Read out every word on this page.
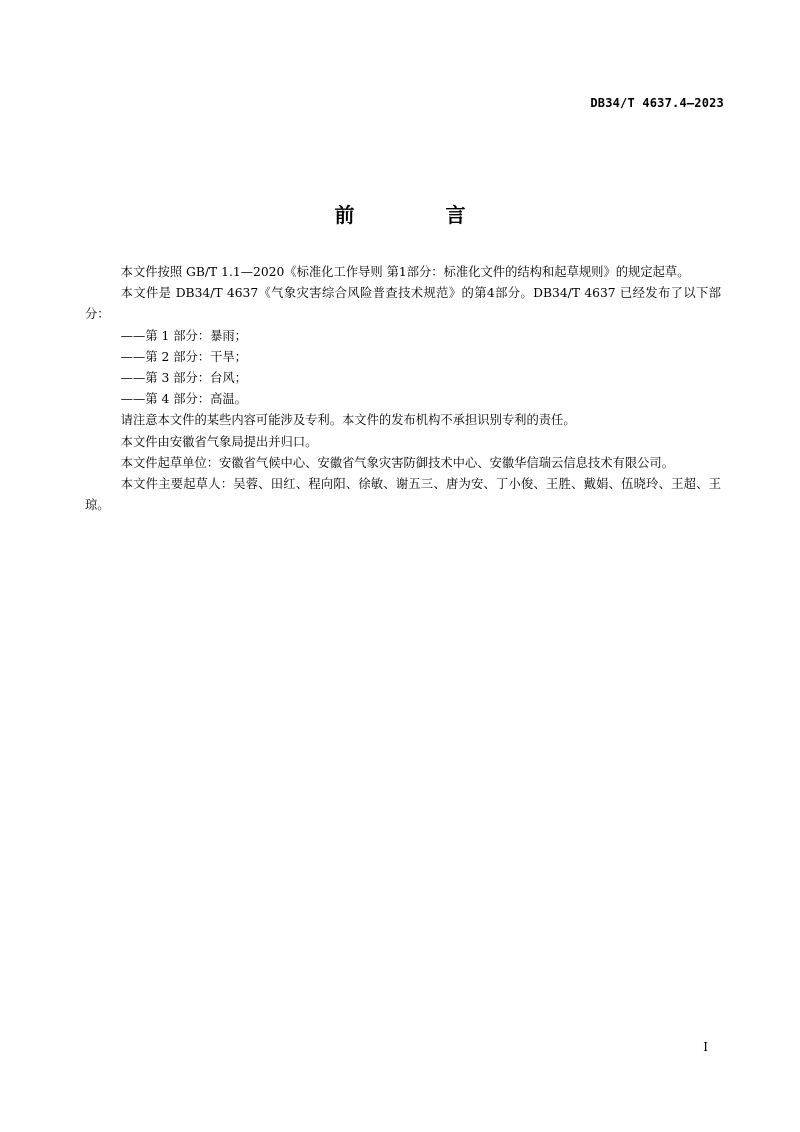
DB34/T 4637.4—2023
前 言

本文件按照 GB/T 1.1—2020《标准化工作导则 第1部分：标准化文件的结构和起草规则》的规定起草。

本文件是 DB34/T 4637《气象灾害综合风险普查技术规范》的第4部分。DB34/T 4637 已经发布了以下部分：

——第 1 部分：暴雨；

——第 2 部分：干旱；

——第 3 部分：台风；

——第 4 部分：高温。

请注意本文件的某些内容可能涉及专利。本文件的发布机构不承担识别专利的责任。

本文件由安徽省气象局提出并归口。

本文件起草单位：安徽省气候中心、安徽省气象灾害防御技术中心、安徽华信瑞云信息技术有限公司。

本文件主要起草人：吴蓉、田红、程向阳、徐敏、谢五三、唐为安、丁小俊、王胜、戴娟、伍晓玲、王超、王琼。

I
